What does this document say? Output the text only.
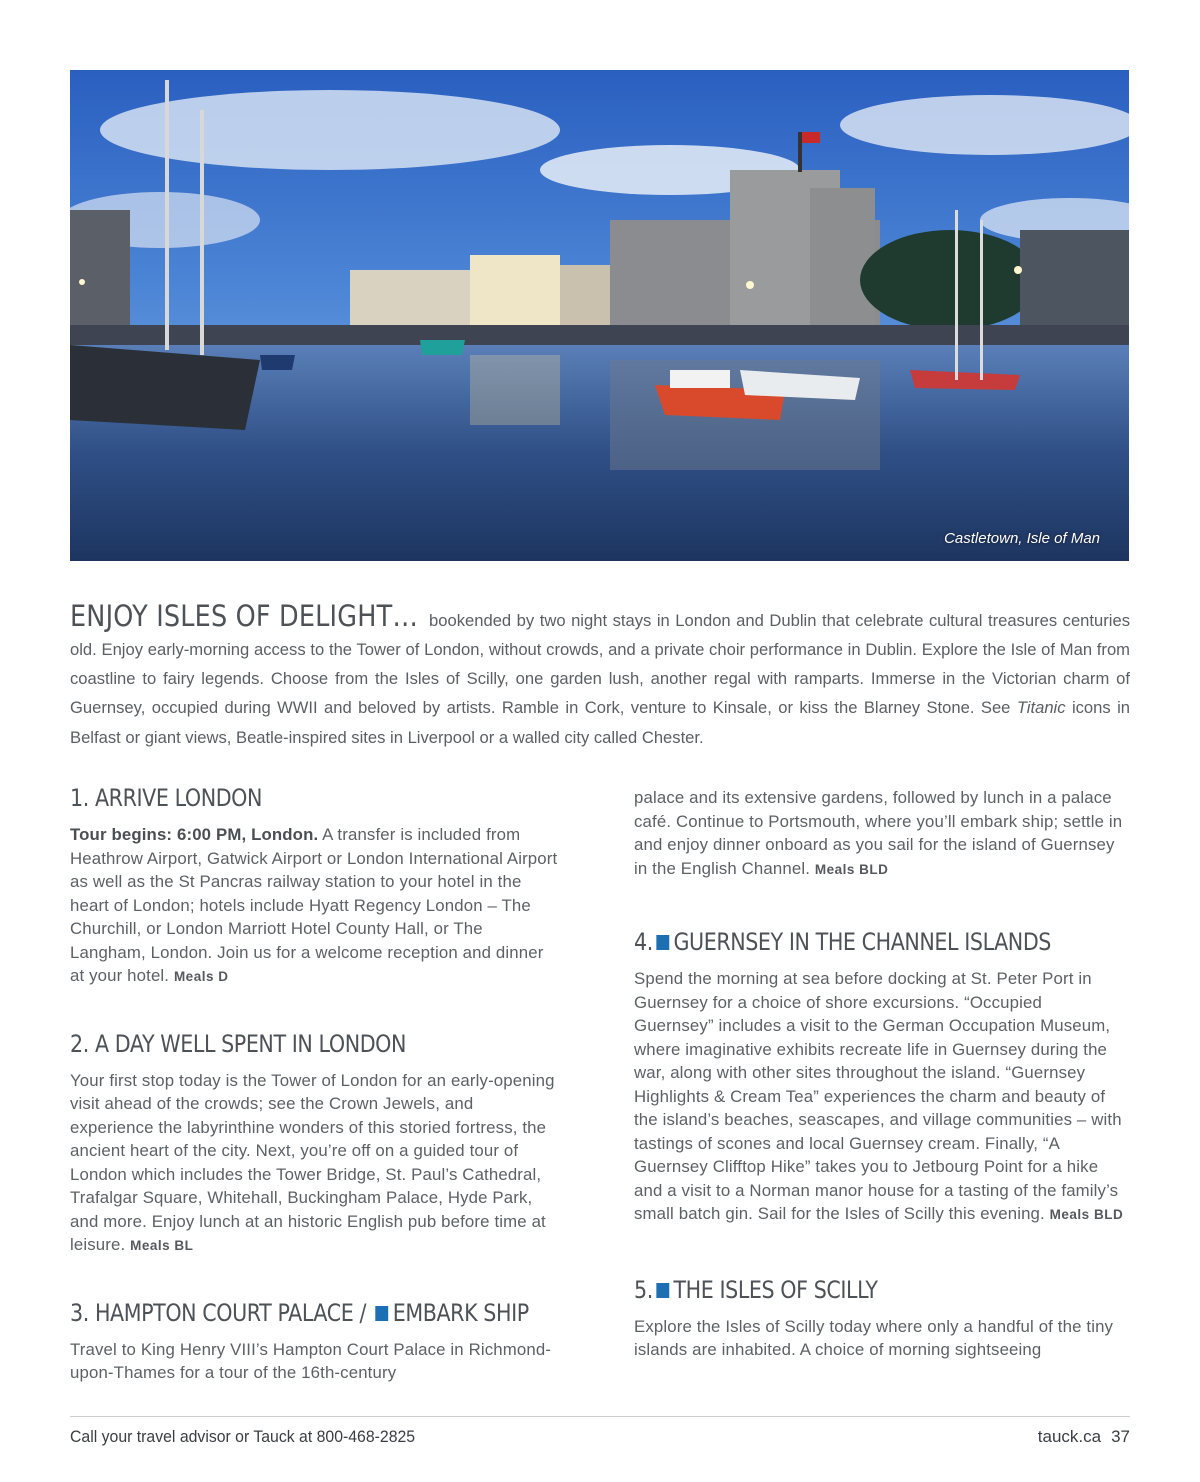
Castletown, Isle of Man

ENJOY ISLES OF DELIGHT… bookended by two night stays in London and Dublin that celebrate cultural treasures centuries old. Enjoy early-morning access to the Tower of London, without crowds, and a private choir performance in Dublin. Explore the Isle of Man from coastline to fairy legends. Choose from the Isles of Scilly, one garden lush, another regal with ramparts. Immerse in the Victorian charm of Guernsey, occupied during WWII and beloved by artists. Ramble in Cork, venture to Kinsale, or kiss the Blarney Stone. See Titanic icons in Belfast or giant views, Beatle-inspired sites in Liverpool or a walled city called Chester.

1. ARRIVE LONDON

Tour begins: 6:00 PM, London. A transfer is included from Heathrow Airport, Gatwick Airport or London International Airport as well as the St Pancras railway station to your hotel in the heart of London; hotels include Hyatt Regency London – The Churchill, or London Marriott Hotel County Hall, or The Langham, London. Join us for a welcome reception and dinner at your hotel. Meals D

2. A DAY WELL SPENT IN LONDON

Your first stop today is the Tower of London for an early-opening visit ahead of the crowds; see the Crown Jewels, and experience the labyrinthine wonders of this storied fortress, the ancient heart of the city. Next, you’re off on a guided tour of London which includes the Tower Bridge, St. Paul’s Cathedral, Trafalgar Square, Whitehall, Buckingham Palace, Hyde Park, and more. Enjoy lunch at an historic English pub before time at leisure. Meals BL

3. HAMPTON COURT PALACE / EMBARK SHIP

Travel to King Henry VIII’s Hampton Court Palace in Richmond-upon-Thames for a tour of the 16th-century

palace and its extensive gardens, followed by lunch in a palace café. Continue to Portsmouth, where you’ll embark ship; settle in and enjoy dinner onboard as you sail for the island of Guernsey in the English Channel. Meals BLD

4. GUERNSEY IN THE CHANNEL ISLANDS

Spend the morning at sea before docking at St. Peter Port in Guernsey for a choice of shore excursions. “Occupied Guernsey” includes a visit to the German Occupation Museum, where imaginative exhibits recreate life in Guernsey during the war, along with other sites throughout the island. “Guernsey Highlights & Cream Tea” experiences the charm and beauty of the island’s beaches, seascapes, and village communities – with tastings of scones and local Guernsey cream. Finally, “A Guernsey Clifftop Hike” takes you to Jetbourg Point for a hike and a visit to a Norman manor house for a tasting of the family’s small batch gin. Sail for the Isles of Scilly this evening. Meals BLD

5. THE ISLES OF SCILLY

Explore the Isles of Scilly today where only a handful of the tiny islands are inhabited. A choice of morning sightseeing

Call your travel advisor or Tauck at 800-468-2825	tauck.ca 37
